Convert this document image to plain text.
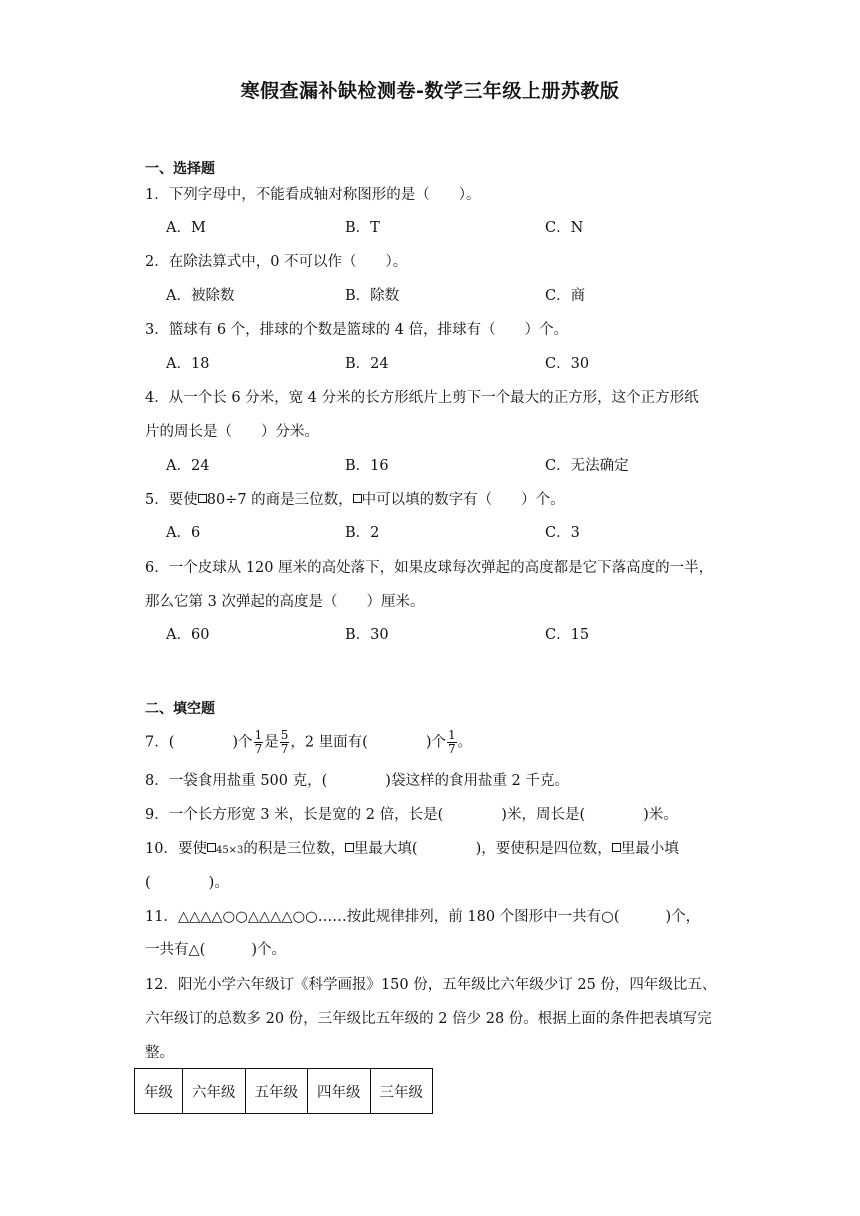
寒假查漏补缺检测卷-数学三年级上册苏教版
一、选择题
1．下列字母中，不能看成轴对称图形的是（　　）。
A．M	B．T	C．N
2．在除法算式中，0 不可以作（　　）。
A．被除数	B．除数	C．商
3．篮球有 6 个，排球的个数是篮球的 4 倍，排球有（　　）个。
A．18	B．24	C．30
4．从一个长 6 分米，宽 4 分米的长方形纸片上剪下一个最大的正方形，这个正方形纸
片的周长是（　　）分米。
A．24	B．16	C．无法确定
5．要使 80÷7 的商是三位数， 中可以填的数字有（　　）个。
A．6	B．2	C．3
6．一个皮球从 120 厘米的高处落下，如果皮球每次弹起的高度都是它下落高度的一半，
那么它第 3 次弹起的高度是（　　）厘米。
A．60	B．30	C．15
二、填空题
7．(	)个 $\frac{1}{7}$ 是 $\frac{5}{7}$ ，2 里面有(	)个 $\frac{1}{7}$ 。
8．一袋食用盐重 500 克，(	)袋这样的食用盐重 2 千克。
9．一个长方形宽 3 米，长是宽的 2 倍，长是(	)米，周长是(	)米。
10．要使 45×3的积是三位数， 里最大填(	)，要使积是四位数， 里最小填
(	)。
11．△△△△○○△△△△○○……按此规律排列，前 180 个图形中一共有○(	)个，
一共有△(	)个。
12．阳光小学六年级订《科学画报》150 份，五年级比六年级少订 25 份，四年级比五、
六年级订的总数多 20 份，三年级比五年级的 2 倍少 28 份。根据上面的条件把表填写完
整。
年级	六年级	五年级	四年级	三年级
